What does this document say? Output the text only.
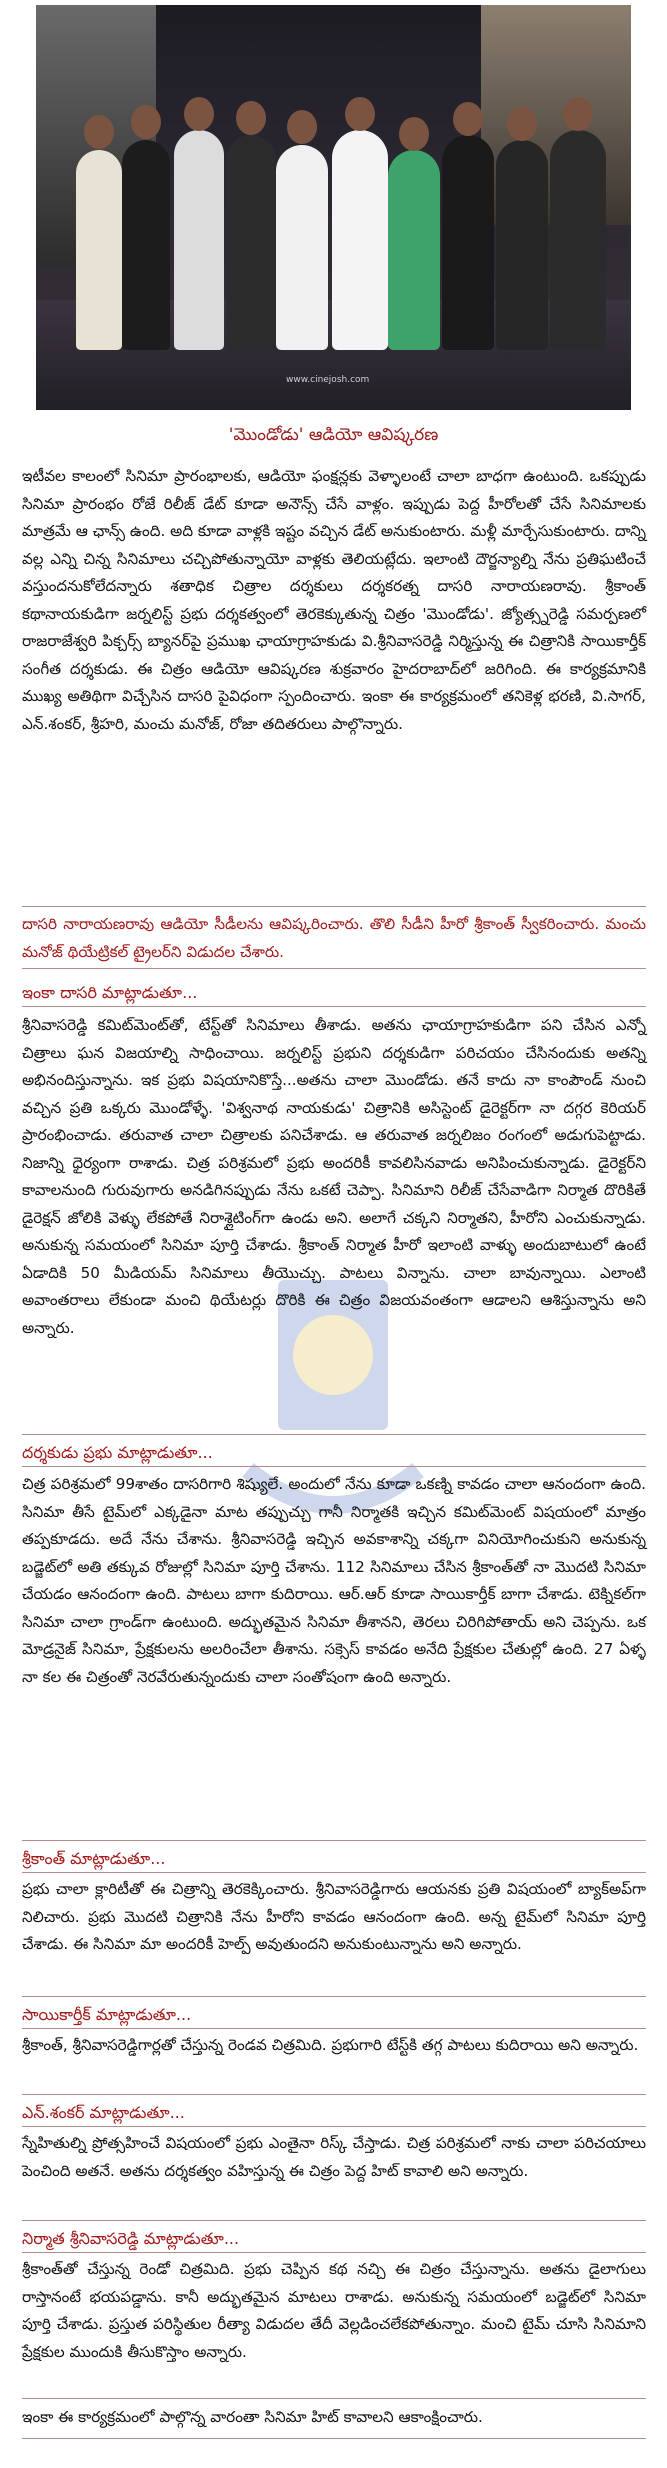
www.cinejosh.com
'మొండోడు' ఆడియో ఆవిష్కరణ

ఇటీవల కాలంలో సినిమా ప్రారంభాలకు, ఆడియో ఫంక్షన్లకు వెళ్ళాలంటే చాలా బాధగా ఉంటుంది. ఒకప్పుడు సినిమా ప్రారంభం రోజే రిలీజ్ డేట్ కూడా అనౌన్స్ చేసే వాళ్లం. ఇప్పుడు పెద్ద హీరోలతో చేసే సినిమాలకు మాత్రమే ఆ ఛాన్స్ ఉంది. అది కూడా వాళ్లకి ఇష్టం వచ్చిన డేట్ అనుకుంటారు. మళ్లీ మార్చేసుకుంటారు. దాన్ని వల్ల ఎన్ని చిన్న సినిమాలు చచ్చిపోతున్నాయో వాళ్లకు తెలియట్లేదు. ఇలాంటి దౌర్జన్యాల్ని నేను ప్రతిఘటించే వస్తుందనుకోలేదన్నారు శతాధిక చిత్రాల దర్శకులు దర్శకరత్న దాసరి నారాయణరావు. శ్రీకాంత్ కథానాయకుడిగా జర్నలిస్ట్ ప్రభు దర్శకత్వంలో తెరకెక్కుతున్న చిత్రం 'మొండోడు'. జ్యోత్స్నరెడ్డి సమర్పణలో రాజరాజేశ్వరి పిక్చర్స్ బ్యానర్‌పై ప్రముఖ ఛాయాగ్రాహకుడు వి.శ్రీనివాసరెడ్డి నిర్మిస్తున్న ఈ చిత్రానికి సాయికార్తీక్ సంగీత దర్శకుడు. ఈ చిత్రం ఆడియో ఆవిష్కరణ శుక్రవారం హైదరాబాద్‌లో జరిగింది. ఈ కార్యక్రమానికి ముఖ్య అతిథిగా విచ్చేసిన దాసరి పైవిధంగా స్పందించారు. ఇంకా ఈ కార్యక్రమంలో తనికెళ్ల భరణి, వి.సాగర్, ఎన్.శంకర్, శ్రీహరి, మంచు మనోజ్, రోజా తదితరులు పాల్గొన్నారు.

దాసరి నారాయణరావు ఆడియో సీడీలను ఆవిష్కరించారు. తొలి సీడీని హీరో శ్రీకాంత్ స్వీకరించారు. మంచు మనోజ్ థియేట్రికల్ ట్రైలర్‌ని విడుదల చేశారు.

ఇంకా దాసరి మాట్లాడుతూ...

శ్రీనివాసరెడ్డి కమిట్‌మెంట్‌తో, టేస్ట్‌తో సినిమాలు తీశాడు. అతను ఛాయాగ్రాహకుడిగా పని చేసిన ఎన్నో చిత్రాలు ఘన విజయాల్ని సాధించాయి. జర్నలిస్ట్ ప్రభుని దర్శకుడిగా పరిచయం చేసినందుకు అతన్ని అభినందిస్తున్నాను. ఇక ప్రభు విషయానికొస్తే...అతను చాలా మొండోడు. తనే కాదు నా కాంపౌండ్ నుంచి వచ్చిన ప్రతి ఒక్కరు మొండోళ్ళే. 'విశ్వనాథ నాయకుడు' చిత్రానికి అసిస్టెంట్ డైరెక్టర్‌గా నా దగ్గర కెరియర్ ప్రారంభించాడు. తరువాత చాలా చిత్రాలకు పనిచేశాడు. ఆ తరువాత జర్నలిజం రంగంలో అడుగుపెట్టాడు. నిజాన్ని ధైర్యంగా రాశాడు. చిత్ర పరిశ్రమలో ప్రభు అందరికీ కావలిసినవాడు అనిపించుకున్నాడు. డైరెక్టర్‌ని కావాలనుంది గురువుగారు అనడిగినప్పుడు నేను ఒకటే చెప్పా. సినిమాని రిలీజ్ చేసేవాడిగా నిర్మాత దొరికితే డైరెక్షన్ జోలికి వెళ్ళు లేకపోతే నిరాశ్లైటింగ్‌గా ఉండు అని. అలాగే చక్కని నిర్మాతని, హీరోని ఎంచుకున్నాడు. అనుకున్న సమయంలో సినిమా పూర్తి చేశాడు. శ్రీకాంత్ నిర్మాత హీరో ఇలాంటి వాళ్ళు అందుబాటులో ఉంటే ఏడాదికి 50 మీడియమ్ సినిమాలు తీయొచ్చు. పాటలు విన్నాను. చాలా బావున్నాయి. ఎలాంటి అవాంతరాలు లేకుండా మంచి థియేటర్లు దొరికి ఈ చిత్రం విజయవంతంగా ఆడాలని ఆశిస్తున్నాను అని అన్నారు.

దర్శకుడు ప్రభు మాట్లాడుతూ...

చిత్ర పరిశ్రమలో 99శాతం దాసరిగారి శిష్యులే. అందులో నేను కూడా ఒకణ్ని కావడం చాలా ఆనందంగా ఉంది. సినిమా తీసే టైమ్‌లో ఎక్కడైనా మాట తప్పుచ్చు గానీ నిర్మాతకి ఇచ్చిన కమిట్‌మెంట్ విషయంలో మాత్రం తప్పకూడదు. అదే నేను చేశాను. శ్రీనివాసరెడ్డి ఇచ్చిన అవకాశాన్ని చక్కగా వినియోగించుకుని అనుకున్న బడ్జెట్‌లో అతి తక్కువ రోజుల్లో సినిమా పూర్తి చేశాను. 112 సినిమాలు చేసిన శ్రీకాంత్‌తో నా మొదటి సినిమా చేయడం ఆనందంగా ఉంది. పాటలు బాగా కుదిరాయి. ఆర్.ఆర్ కూడా సాయికార్తీక్ బాగా చేశాడు. టెక్నికల్‌గా సినిమా చాలా గ్రాండ్‌గా ఉంటుంది. అద్భుతమైన సినిమా తీశానని, తెరలు చిరిగిపోతాయ్ అని చెప్పను. ఒక మోడ్రనైజ్ సినిమా, ప్రేక్షకులను అలరించేలా తీశాను. సక్సెస్ కావడం అనేది ప్రేక్షకుల చేతుల్లో ఉంది. 27 ఏళ్ళ నా కల ఈ చిత్రంతో నెరవేరుతున్నందుకు చాలా సంతోషంగా ఉంది అన్నారు.

శ్రీకాంత్ మాట్లాడుతూ...

ప్రభు చాలా క్లారిటీతో ఈ చిత్రాన్ని తెరకెక్కించారు. శ్రీనివాసరెడ్డిగారు ఆయనకు ప్రతి విషయంలో బ్యాక్‌అప్‌గా నిలిచారు. ప్రభు మొదటి చిత్రానికి నేను హీరోని కావడం ఆనందంగా ఉంది. అన్న టైమ్‌లో సినిమా పూర్తి చేశాడు. ఈ సినిమా మా అందరికీ హెల్ప్ అవుతుందని అనుకుంటున్నాను అని అన్నారు.

సాయికార్తీక్ మాట్లాడుతూ...

శ్రీకాంత్, శ్రీనివాసరెడ్డిగార్లతో చేస్తున్న రెండవ చిత్రమిది. ప్రభుగారి టేస్ట్‌కి తగ్గ పాటలు కుదిరాయి అని అన్నారు.

ఎన్.శంకర్ మాట్లాడుతూ...

స్నేహితుల్ని ప్రోత్సహించే విషయంలో ప్రభు ఎంతైనా రిస్క్ చేస్తాడు. చిత్ర పరిశ్రమలో నాకు చాలా పరిచయాలు పెంచింది అతనే. అతను దర్శకత్వం వహిస్తున్న ఈ చిత్రం పెద్ద హిట్ కావాలి అని అన్నారు.

నిర్మాత శ్రీనివాసరెడ్డి మాట్లాడుతూ...

శ్రీకాంత్‌తో చేస్తున్న రెండో చిత్రమిది. ప్రభు చెప్పిన కథ నచ్చి ఈ చిత్రం చేస్తున్నాను. అతను డైలాగులు రాస్తానంటే భయపడ్డాను. కానీ అద్భుతమైన మాటలు రాశాడు. అనుకున్న సమయంలో బడ్జెట్‌లో సినిమా పూర్తి చేశాడు. ప్రస్తుత పరిస్థితుల రీత్యా విడుదల తేదీ వెల్లడించలేకపోతున్నాం. మంచి టైమ్ చూసి సినిమాని ప్రేక్షకుల ముందుకి తీసుకొస్తాం అన్నారు.

ఇంకా ఈ కార్యక్రమంలో పాల్గొన్న వారంతా సినిమా హిట్ కావాలని ఆకాంక్షించారు.
